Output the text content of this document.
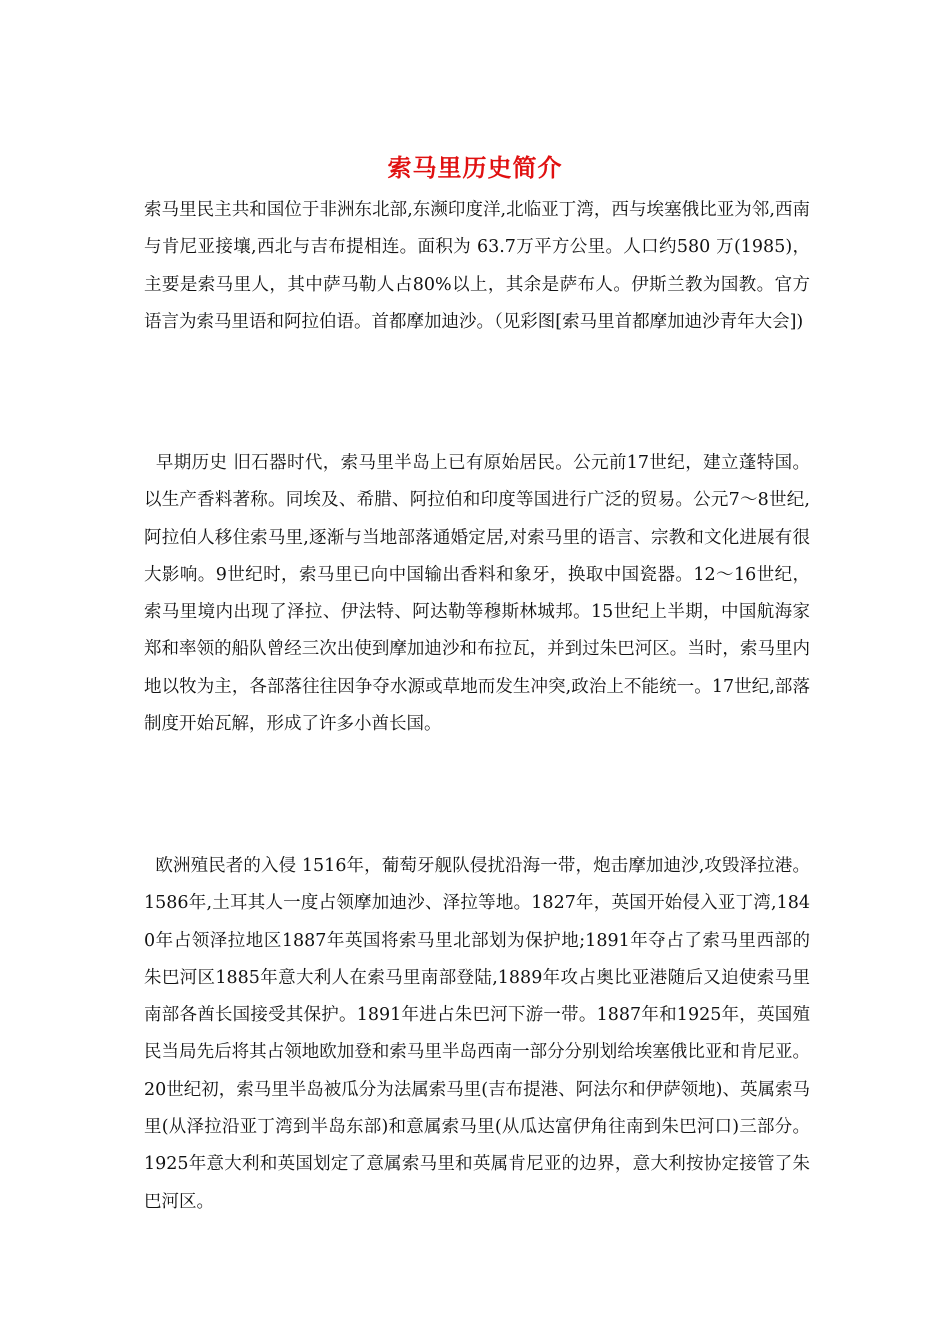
索马里历史简介

索马里民主共和国位于非洲东北部,东濒印度洋,北临亚丁湾，西与埃塞俄比亚为邻,西南与肯尼亚接壤,西北与吉布提相连。面积为 63.7万平方公里。人口约580 万(1985)，主要是索马里人，其中萨马勒人占80%以上，其余是萨布人。伊斯兰教为国教。官方语言为索马里语和阿拉伯语。首都摩加迪沙。（见彩图[索马里首都摩加迪沙青年大会])

早期历史 旧石器时代，索马里半岛上已有原始居民。公元前17世纪，建立蓬特国。以生产香料著称。同埃及、希腊、阿拉伯和印度等国进行广泛的贸易。公元7～8世纪,阿拉伯人移住索马里,逐渐与当地部落通婚定居,对索马里的语言、宗教和文化进展有很大影响。9世纪时，索马里已向中国输出香料和象牙，换取中国瓷器。12～16世纪，索马里境内出现了泽拉、伊法特、阿达勒等穆斯林城邦。15世纪上半期，中国航海家郑和率领的船队曾经三次出使到摩加迪沙和布拉瓦，并到过朱巴河区。当时，索马里内地以牧为主，各部落往往因争夺水源或草地而发生冲突,政治上不能统一。17世纪,部落制度开始瓦解，形成了许多小酋长国。

欧洲殖民者的入侵 1516年，葡萄牙舰队侵扰沿海一带，炮击摩加迪沙,攻毁泽拉港。1586年,土耳其人一度占领摩加迪沙、泽拉等地。1827年，英国开始侵入亚丁湾,1840年占领泽拉地区1887年英国将索马里北部划为保护地;1891年夺占了索马里西部的朱巴河区1885年意大利人在索马里南部登陆,1889年攻占奥比亚港随后又迫使索马里南部各酋长国接受其保护。1891年进占朱巴河下游一带。1887年和1925年，英国殖民当局先后将其占领地欧加登和索马里半岛西南一部分分别划给埃塞俄比亚和肯尼亚。20世纪初，索马里半岛被瓜分为法属索马里(吉布提港、阿法尔和伊萨领地)、英属索马里(从泽拉沿亚丁湾到半岛东部)和意属索马里(从瓜达富伊角往南到朱巴河口)三部分。1925年意大利和英国划定了意属索马里和英属肯尼亚的边界，意大利按协定接管了朱巴河区。
